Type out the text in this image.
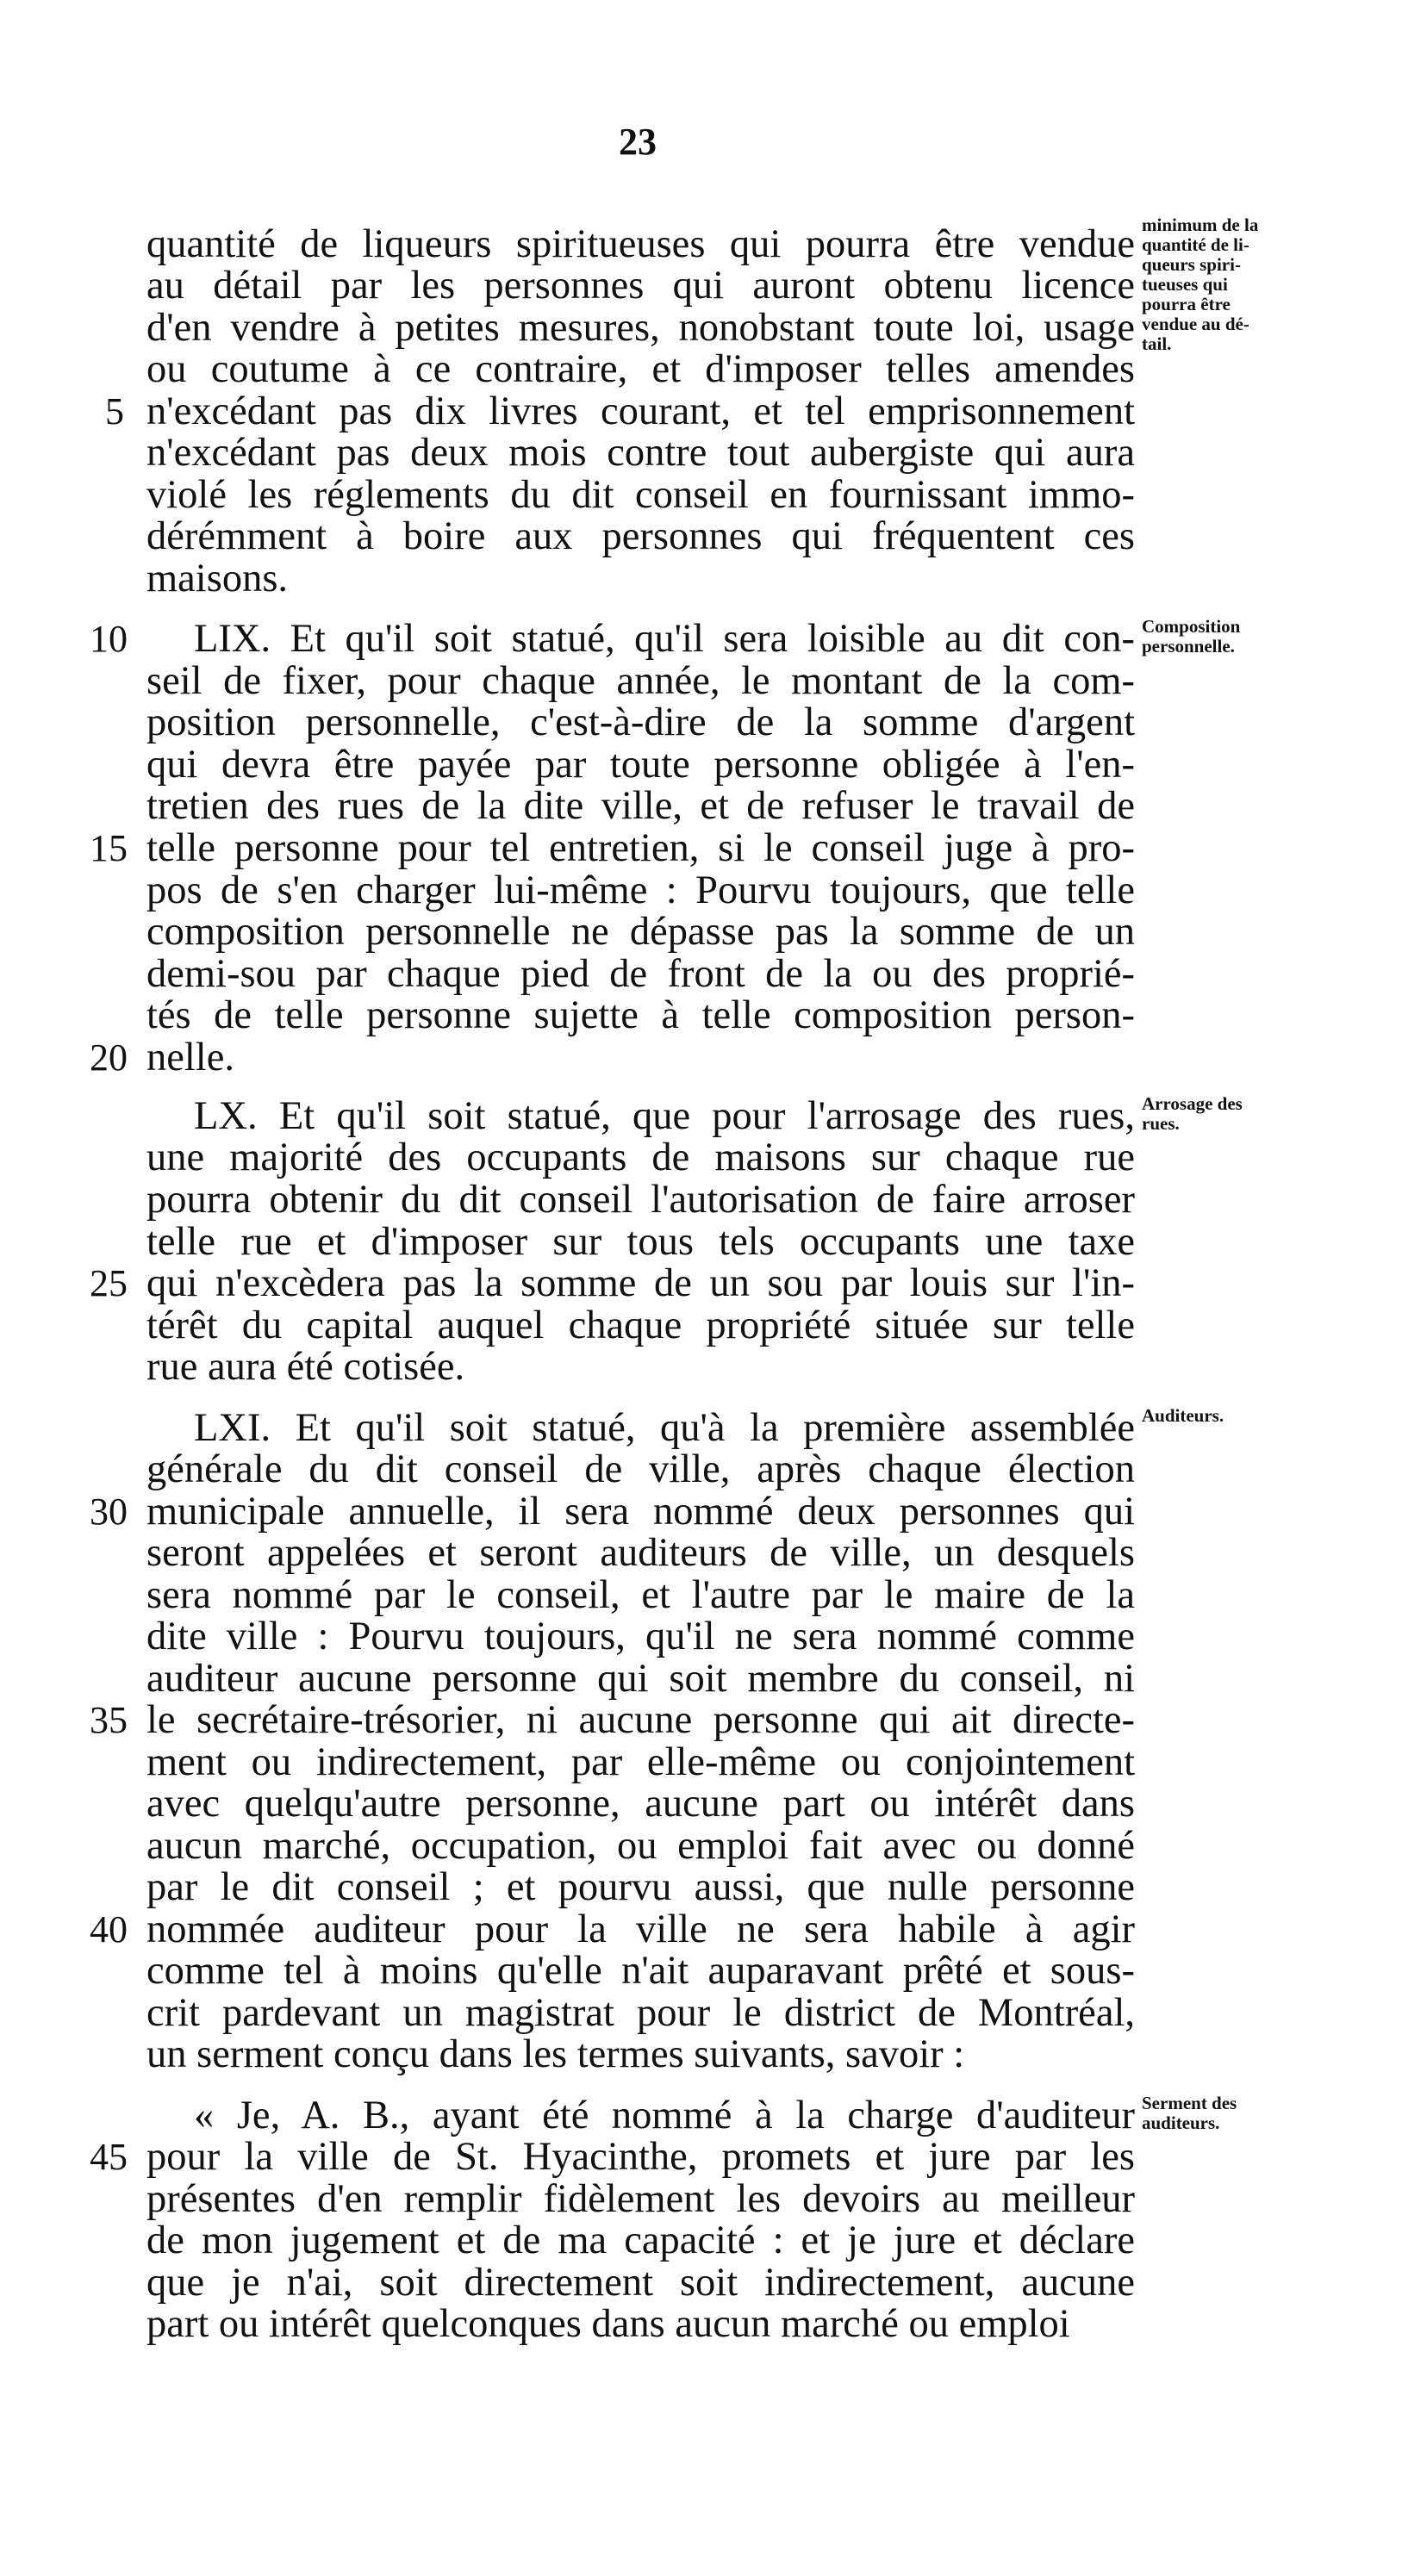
23
quantité de liqueurs spiritueuses qui pourra être vendue
au détail par les personnes qui auront obtenu licence
d'en vendre à petites mesures, nonobstant toute loi, usage
ou coutume à ce contraire, et d'imposer telles amendes
n'excédant pas dix livres courant, et tel emprisonnement
n'excédant pas deux mois contre tout aubergiste qui aura
violé les réglements du dit conseil en fournissant immo-
dérémment à boire aux personnes qui fréquentent ces
maisons.
LIX. Et qu'il soit statué, qu'il sera loisible au dit con-
seil de fixer, pour chaque année, le montant de la com-
position personnelle, c'est-à-dire de la somme d'argent
qui devra être payée par toute personne obligée à l'en-
tretien des rues de la dite ville, et de refuser le travail de
telle personne pour tel entretien, si le conseil juge à pro-
pos de s'en charger lui-même : Pourvu toujours, que telle
composition personnelle ne dépasse pas la somme de un
demi-sou par chaque pied de front de la ou des proprié-
tés de telle personne sujette à telle composition person-
nelle.
LX. Et qu'il soit statué, que pour l'arrosage des rues,
une majorité des occupants de maisons sur chaque rue
pourra obtenir du dit conseil l'autorisation de faire arroser
telle rue et d'imposer sur tous tels occupants une taxe
qui n'excèdera pas la somme de un sou par louis sur l'in-
térêt du capital auquel chaque propriété située sur telle
rue aura été cotisée.
LXI. Et qu'il soit statué, qu'à la première assemblée
générale du dit conseil de ville, après chaque élection
municipale annuelle, il sera nommé deux personnes qui
seront appelées et seront auditeurs de ville, un desquels
sera nommé par le conseil, et l'autre par le maire de la
dite ville : Pourvu toujours, qu'il ne sera nommé comme
auditeur aucune personne qui soit membre du conseil, ni
le secrétaire-trésorier, ni aucune personne qui ait directe-
ment ou indirectement, par elle-même ou conjointement
avec quelqu'autre personne, aucune part ou intérêt dans
aucun marché, occupation, ou emploi fait avec ou donné
par le dit conseil ; et pourvu aussi, que nulle personne
nommée auditeur pour la ville ne sera habile à agir
comme tel à moins qu'elle n'ait auparavant prêté et sous-
crit pardevant un magistrat pour le district de Montréal,
un serment conçu dans les termes suivants, savoir :
« Je, A. B., ayant été nommé à la charge d'auditeur
pour la ville de St. Hyacinthe, promets et jure par les
présentes d'en remplir fidèlement les devoirs au meilleur
de mon jugement et de ma capacité : et je jure et déclare
que je n'ai, soit directement soit indirectement, aucune
part ou intérêt quelconques dans aucun marché ou emploi
5
10
15
20
25
30
35
40
45
minimum de la
quantité de li-
queurs spiri-
tueuses qui
pourra être
vendue au dé-
tail.
Composition
personnelle.
Arrosage des
rues.
Auditeurs.
Serment des
auditeurs.
